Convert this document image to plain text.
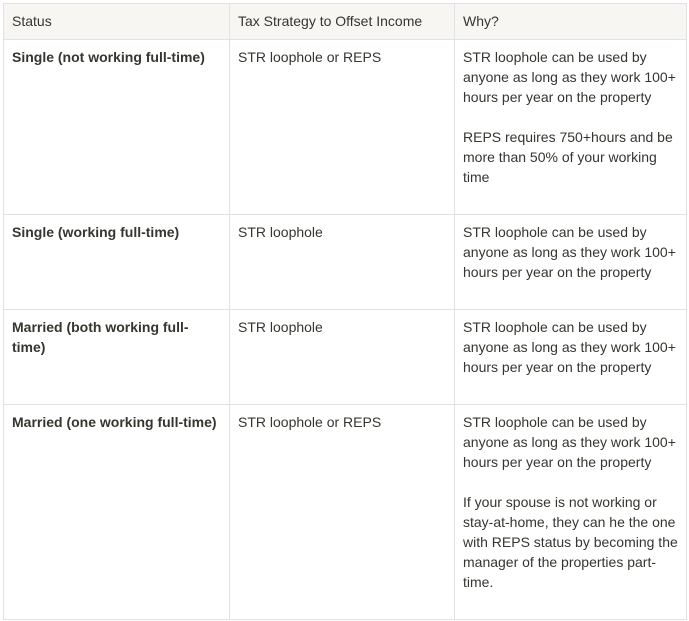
Status	Tax Strategy to Offset Income	Why?
Single (not working full-time)	STR loophole or REPS	STR loophole can be used by anyone as long as they work 100+ hours per year on the property

REPS requires 750+hours and be more than 50% of your working time

Single (working full-time)	STR loophole	STR loophole can be used by anyone as long as they work 100+ hours per year on the property

Married (both working full-time)	STR loophole	STR loophole can be used by anyone as long as they work 100+ hours per year on the property

Married (one working full-time)	STR loophole or REPS	STR loophole can be used by anyone as long as they work 100+ hours per year on the property

If your spouse is not working or stay-at-home, they can he the one with REPS status by becoming the manager of the properties part-time.
